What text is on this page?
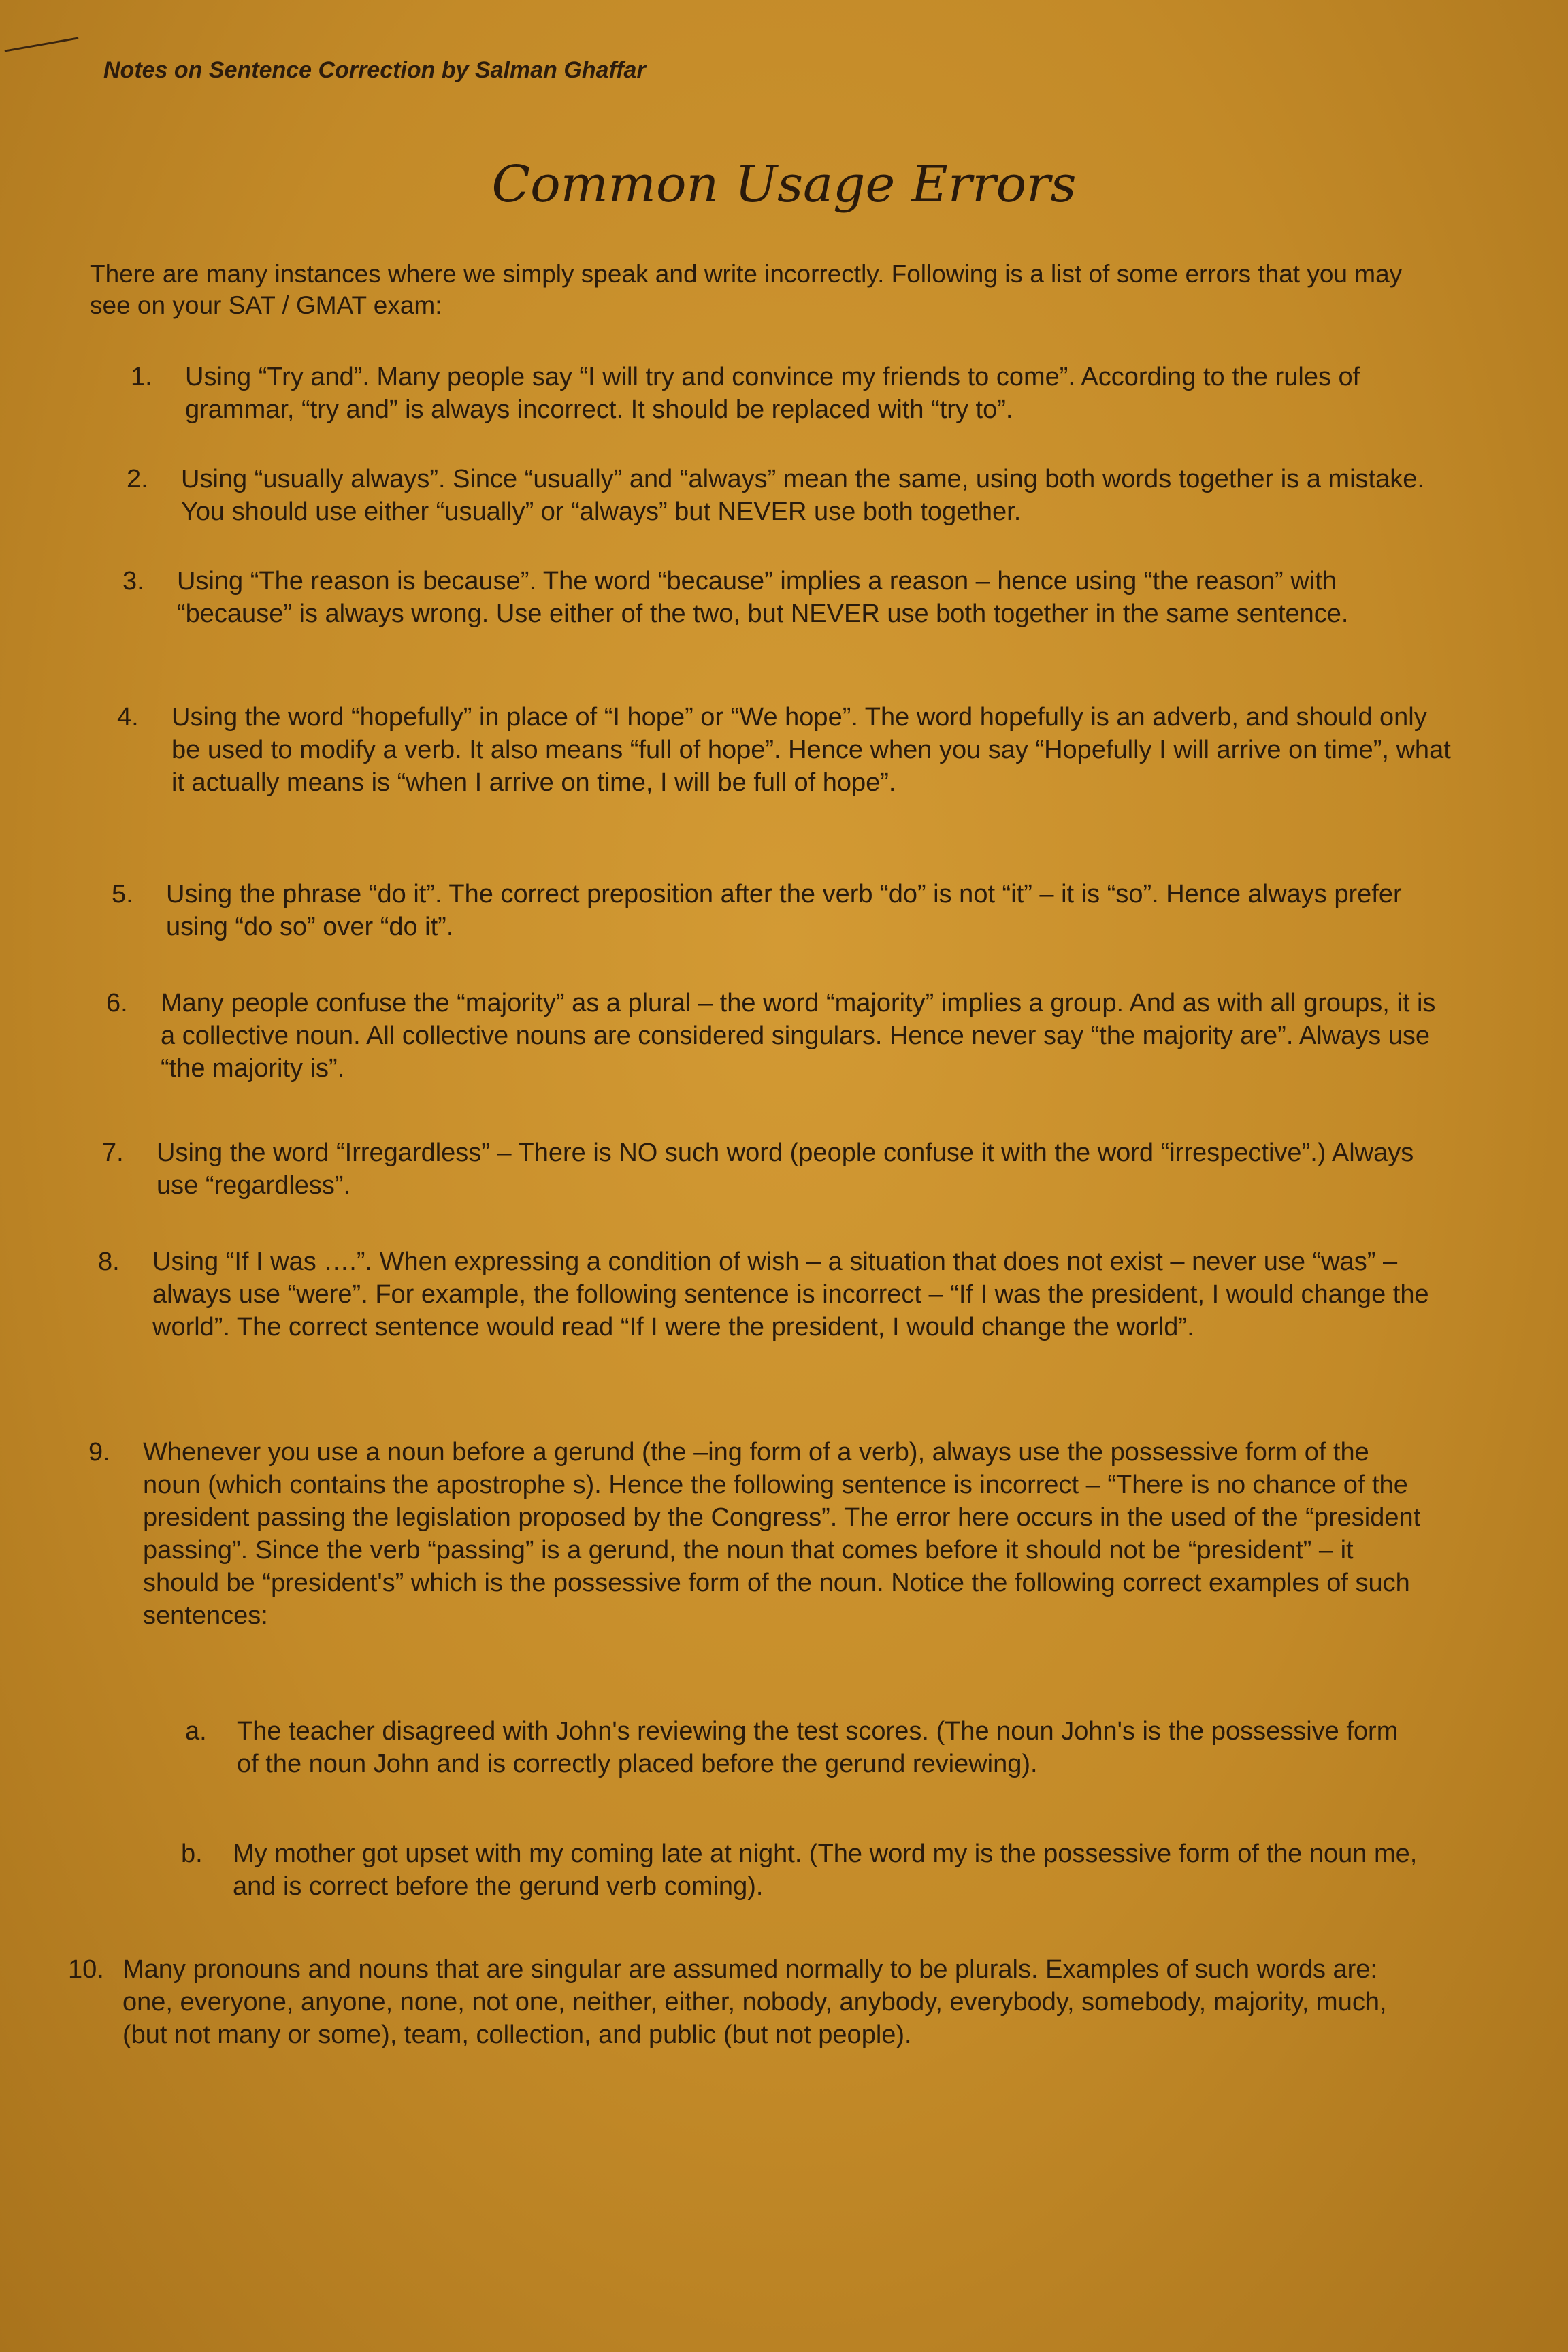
Notes on Sentence Correction by Salman Ghaffar
Common Usage Errors
There are many instances where we simply speak and write incorrectly. Following is a list of some errors that you may see on your SAT / GMAT exam:
1.	Using “Try and”. Many people say “I will try and convince my friends to come”. According to the rules of grammar, “try and” is always incorrect. It should be replaced with “try to”.
2.	Using “usually always”. Since “usually” and “always” mean the same, using both words together is a mistake. You should use either “usually” or “always” but NEVER use both together.
3.	Using “The reason is because”. The word “because” implies a reason – hence using “the reason” with “because” is always wrong. Use either of the two, but NEVER use both together in the same sentence.
4.	Using the word “hopefully” in place of “I hope” or “We hope”. The word hopefully is an adverb, and should only be used to modify a verb. It also means “full of hope”. Hence when you say “Hopefully I will arrive on time”, what it actually means is “when I arrive on time, I will be full of hope”.
5.	Using the phrase “do it”. The correct preposition after the verb “do” is not “it” – it is “so”. Hence always prefer using “do so” over “do it”.
6.	Many people confuse the “majority” as a plural – the word “majority” implies a group. And as with all groups, it is a collective noun. All collective nouns are considered singulars. Hence never say “the majority are”. Always use “the majority is”.
7.	Using the word “Irregardless” – There is NO such word (people confuse it with the word “irrespective”.) Always use “regardless”.
8.	Using “If I was ….”. When expressing a condition of wish – a situation that does not exist – never use “was” – always use “were”. For example, the following sentence is incorrect – “If I was the president, I would change the world”. The correct sentence would read “If I were the president, I would change the world”.
9.	Whenever you use a noun before a gerund (the –ing form of a verb), always use the possessive form of the noun (which contains the apostrophe s). Hence the following sentence is incorrect – “There is no chance of the president passing the legislation proposed by the Congress”. The error here occurs in the used of the “president passing”. Since the verb “passing” is a gerund, the noun that comes before it should not be “president” – it should be “president's” which is the possessive form of the noun. Notice the following correct examples of such sentences:
a. The teacher disagreed with John's reviewing the test scores. (The noun John's is the possessive form of the noun John and is correctly placed before the gerund reviewing).
b. My mother got upset with my coming late at night. (The word my is the possessive form of the noun me, and is correct before the gerund verb coming).
10. Many pronouns and nouns that are singular are assumed normally to be plurals. Examples of such words are: one, everyone, anyone, none, not one, neither, either, nobody, anybody, everybody, somebody, majority, much, (but not many or some), team, collection, and public (but not people).
